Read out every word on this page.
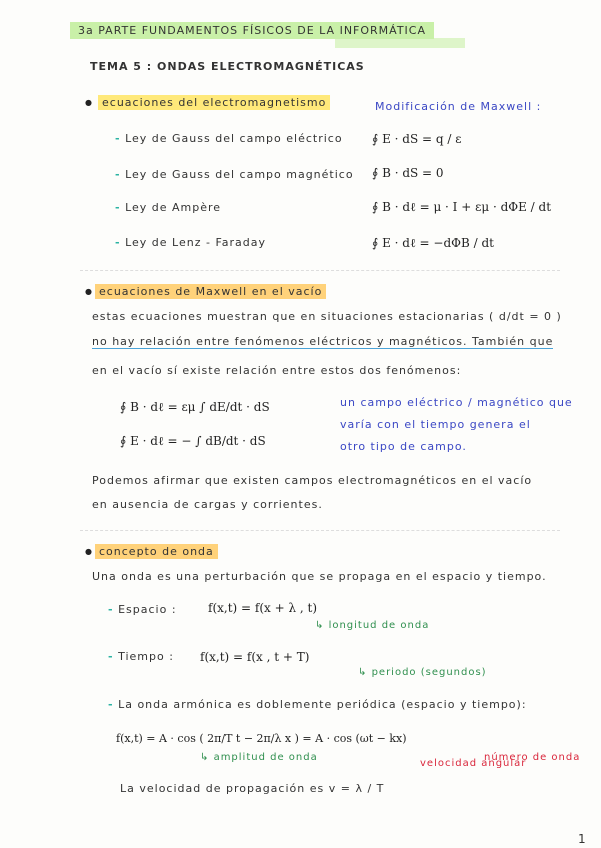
3a PARTE FUNDAMENTOS FÍSICOS DE LA INFORMÁTICA
TEMA 5 : ONDAS ELECTROMAGNÉTICAS
● ecuaciones del electromagnetismo	Modificación de Maxwell :
- Ley de Gauss del campo eléctrico
- Ley de Gauss del campo magnético
- Ley de Ampère
- Ley de Lenz - Faraday
∮ E · dS = q / ε
∮ B · dS = 0
∮ B · dℓ = μ · I + εμ · dΦE / dt
∮ E · dℓ = −dΦB / dt
● ecuaciones de Maxwell en el vacío
estas ecuaciones muestran que en situaciones estacionarias ( d/dt = 0 )
no hay relación entre fenómenos eléctricos y magnéticos. También que
en el vacío sí existe relación entre estos dos fenómenos:
∮ B · dℓ = εμ ∫ dE/dt · dS
∮ E · dℓ = − ∫ dB/dt · dS
un campo eléctrico / magnético que
varía con el tiempo genera el
otro tipo de campo.
Podemos afirmar que existen campos electromagnéticos en el vacío
en ausencia de cargas y corrientes.
● concepto de onda
Una onda es una perturbación que se propaga en el espacio y tiempo.
- Espacio :	f(x,t) = f(x + λ , t)
↳ longitud de onda
- Tiempo : f(x,t) = f(x , t + T)
↳ periodo (segundos)
- La onda armónica es doblemente periódica (espacio y tiempo):
f(x,t) = A · cos ( 2π/T t − 2π/λ x ) = A · cos (ωt − kx)
↳ amplitud de onda
velocidad angular
número de onda
La velocidad de propagación es v = λ / T
1
